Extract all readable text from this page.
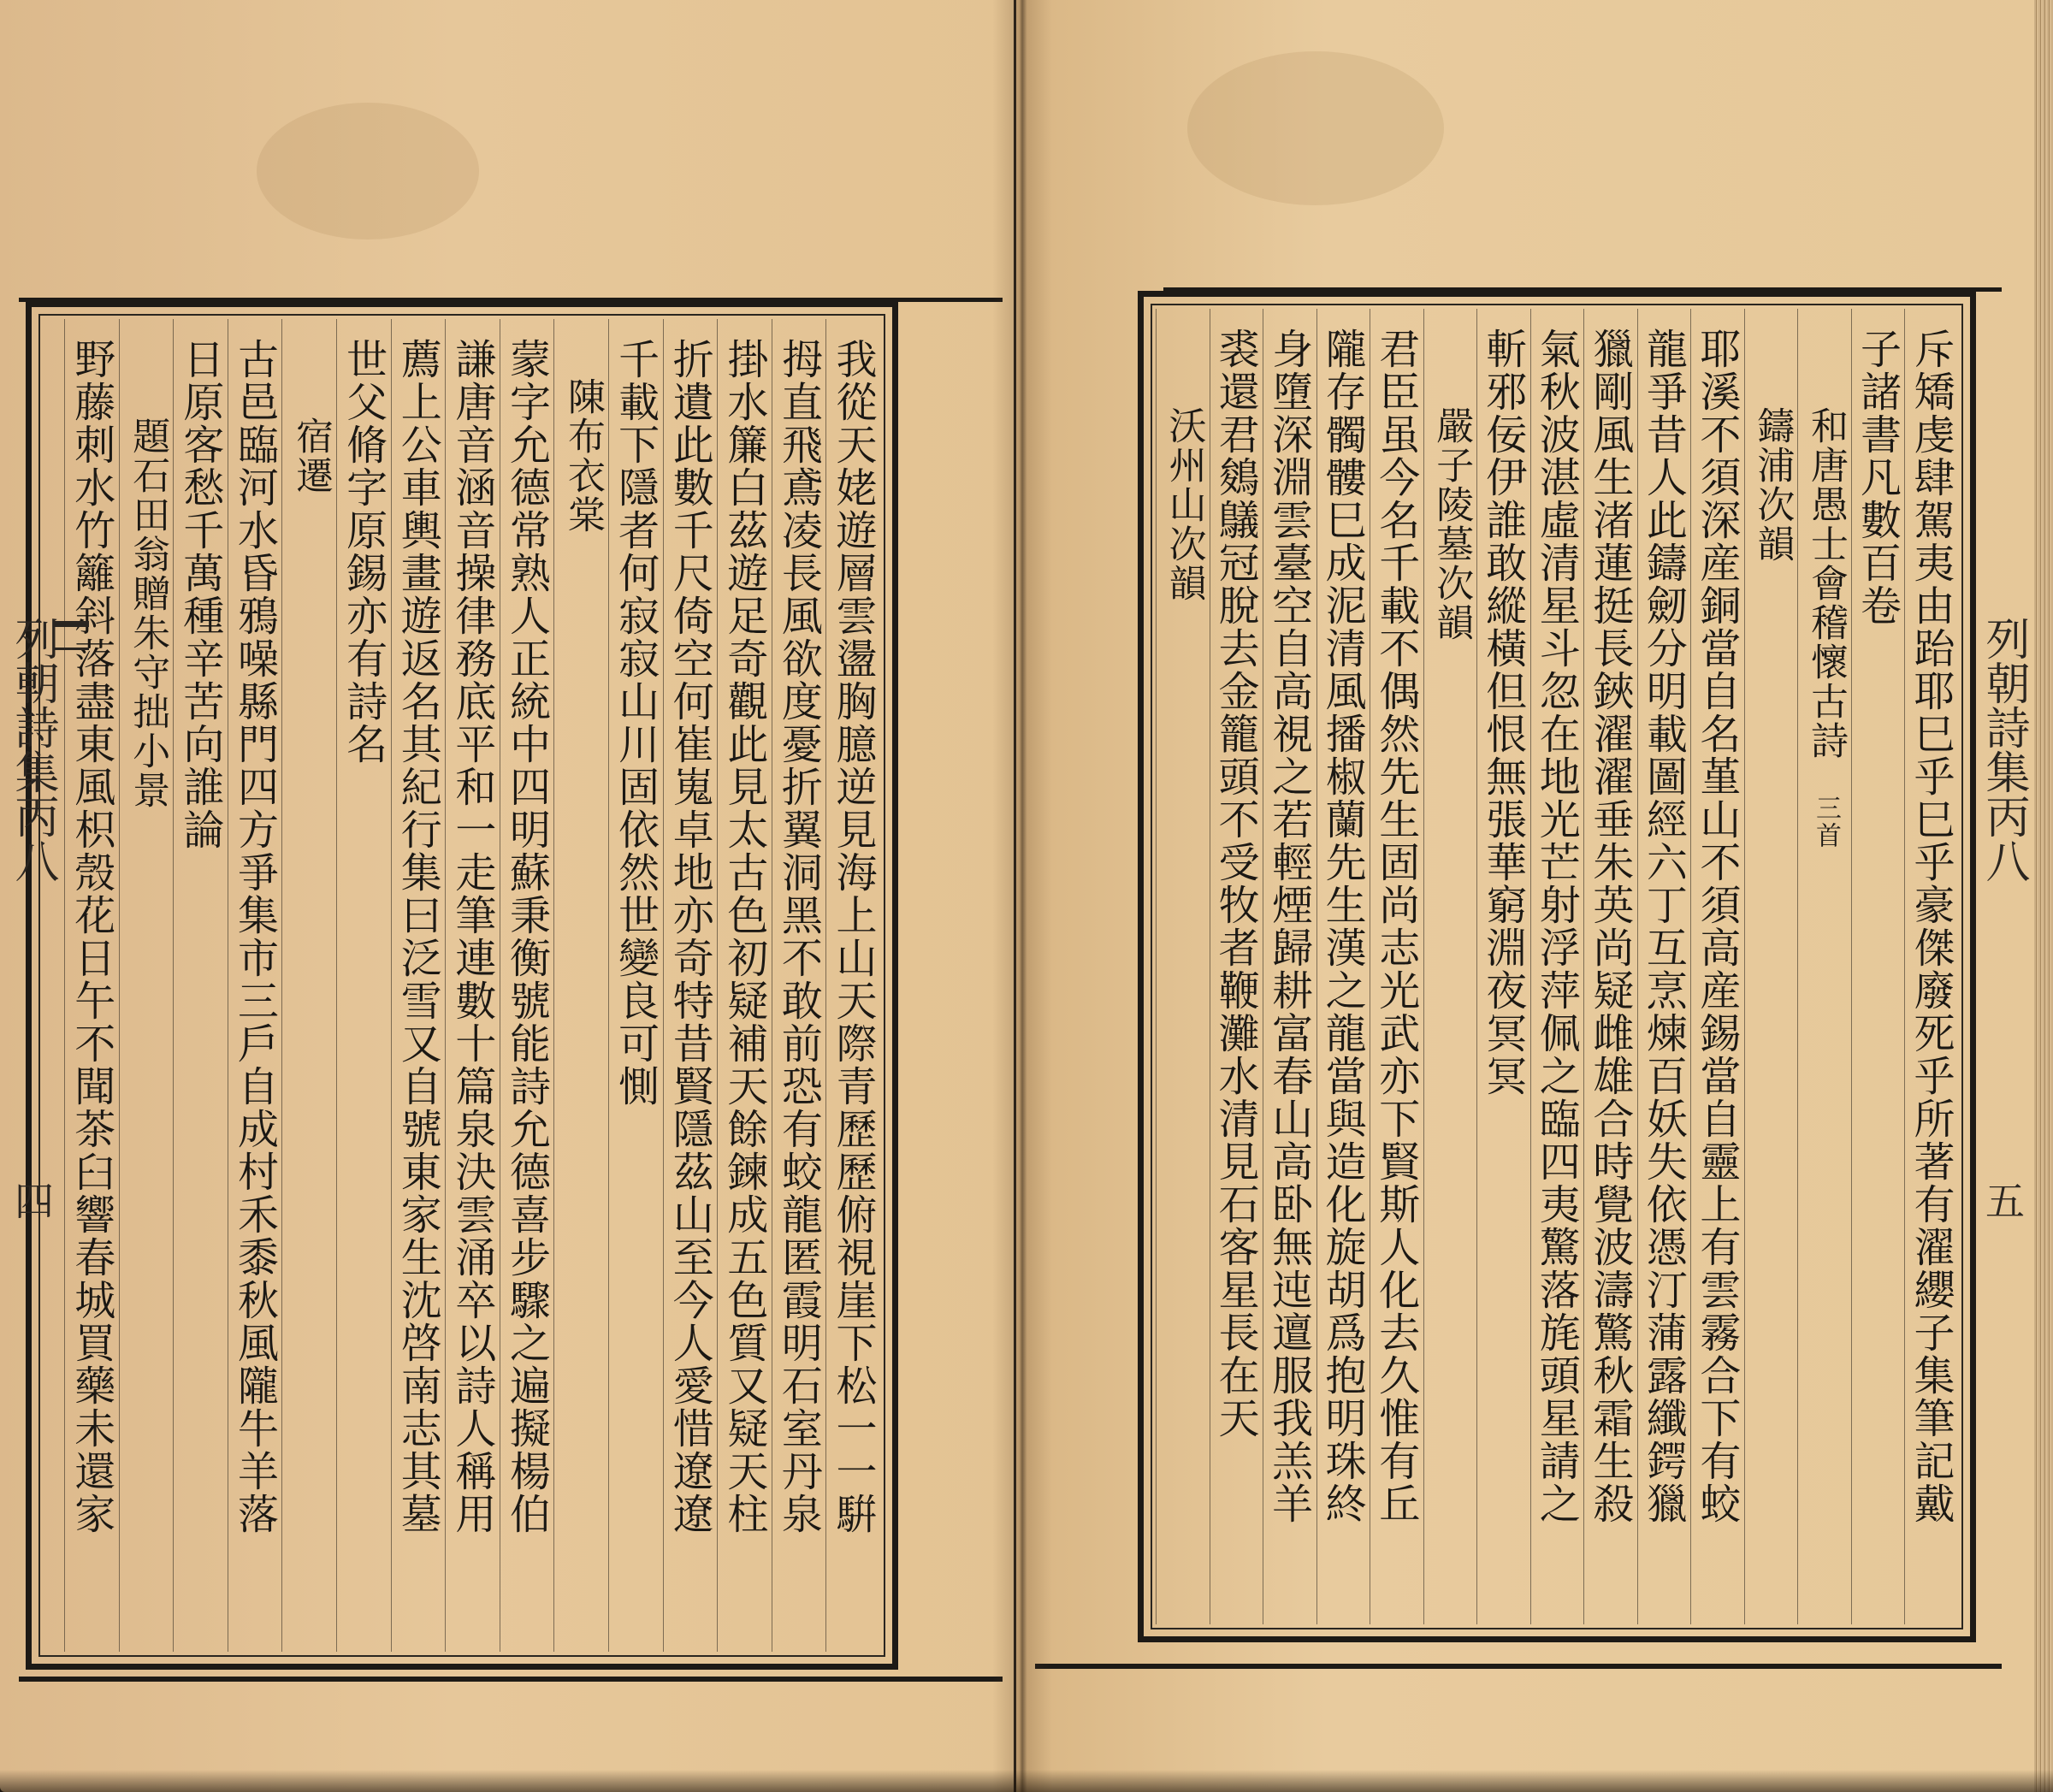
我從天姥遊層雲盪胸臆逆見海上山天際青歷歷俯視崖下松一一騈
拇直飛鳶凌長風欲度憂折翼洞黑不敢前恐有蛟龍匿霞明石室丹泉
掛水簾白茲遊足奇觀此見太古色初疑補天餘鍊成五色質又疑天柱
折遺此數千尺倚空何崔嵬卓地亦奇特昔賢隱茲山至今人愛惜遼遼
千載下隱者何寂寂山川固依然世變良可惻
　陳布衣棠
蒙字允德常熟人正統中四明蘇秉衡號能詩允德喜步驟之遍擬楊伯
謙唐音涵音操律務底平和一走筆連數十篇泉決雲涌卒以詩人稱用
薦上公車輿畫遊返名其紀行集曰泛雪又自號東家生沈啓南志其墓
世父脩字原錫亦有詩名
　　宿遷
古邑臨河水昏鴉噪縣門四方爭集市三戶自成村禾黍秋風隴牛羊落
日原客愁千萬種辛苦向誰論
　　題石田翁贈朱守拙小景
野藤刺水竹籬斜落盡東風枳殼花日午不聞茶臼響春城買藥未還家
列朝詩集丙八
四	斥矯虔肆駕夷由跆耶巳乎巳乎豪傑廢死乎所著有濯纓子集筆記戴
子諸書凡數百卷
　　和唐愚士會稽懷古詩三首
　　鑄浦次韻
耶溪不須深産銅當自名堇山不須高産錫當自靈上有雲霧合下有蛟
龍爭昔人此鑄劒分明載圖經六丁互烹煉百妖失依憑汀蒲露纖鍔獵
獵剛風生渚蓮挺長鋏濯濯垂朱英尚疑雌雄合時覺波濤驚秋霜生殺
氣秋波湛虛清星斗忽在地光芒射浮萍佩之臨四夷驚落旄頭星請之
斬邪佞伊誰敢縱橫但恨無張華窮淵夜冥冥
　　嚴子陵墓次韻
君臣虽今名千載不偶然先生固尚志光武亦下賢斯人化去久惟有丘
隴存髑髏巳成泥清風播椒蘭先生漢之龍當與造化旋胡爲抱明珠終
身墮深淵雲臺空自高視之若輕煙歸耕富春山高卧無迍邅服我羔羊
裘還君鵕鸃冠脫去金籠頭不受牧者鞭灘水清見石客星長在天
　　沃州山次韻
列朝詩集丙八
五
